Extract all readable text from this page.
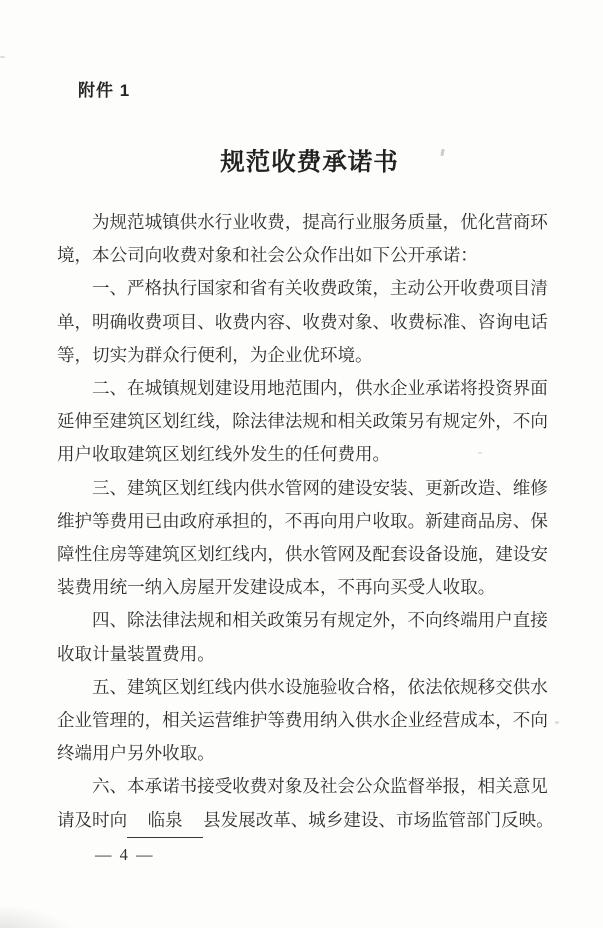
附件 1
规范收费承诺书
为规范城镇供水行业收费，提高行业服务质量，优化营商环
境，本公司向收费对象和社会公众作出如下公开承诺：
一、严格执行国家和省有关收费政策，主动公开收费项目清
单，明确收费项目、收费内容、收费对象、收费标准、咨询电话
等，切实为群众行便利，为企业优环境。
二、在城镇规划建设用地范围内，供水企业承诺将投资界面
延伸至建筑区划红线，除法律法规和相关政策另有规定外，不向
用户收取建筑区划红线外发生的任何费用。
三、建筑区划红线内供水管网的建设安装、更新改造、维修
维护等费用已由政府承担的，不再向用户收取。新建商品房、保
障性住房等建筑区划红线内，供水管网及配套设备设施，建设安
装费用统一纳入房屋开发建设成本，不再向买受人收取。
四、除法律法规和相关政策另有规定外，不向终端用户直接
收取计量装置费用。
五、建筑区划红线内供水设施验收合格，依法依规移交供水
企业管理的，相关运营维护等费用纳入供水企业经营成本，不向
终端用户另外收取。
六、本承诺书接受收费对象及社会公众监督举报，相关意见
请及时向 临泉 县发展改革、城乡建设、市场监管部门反映。
— 4 —
